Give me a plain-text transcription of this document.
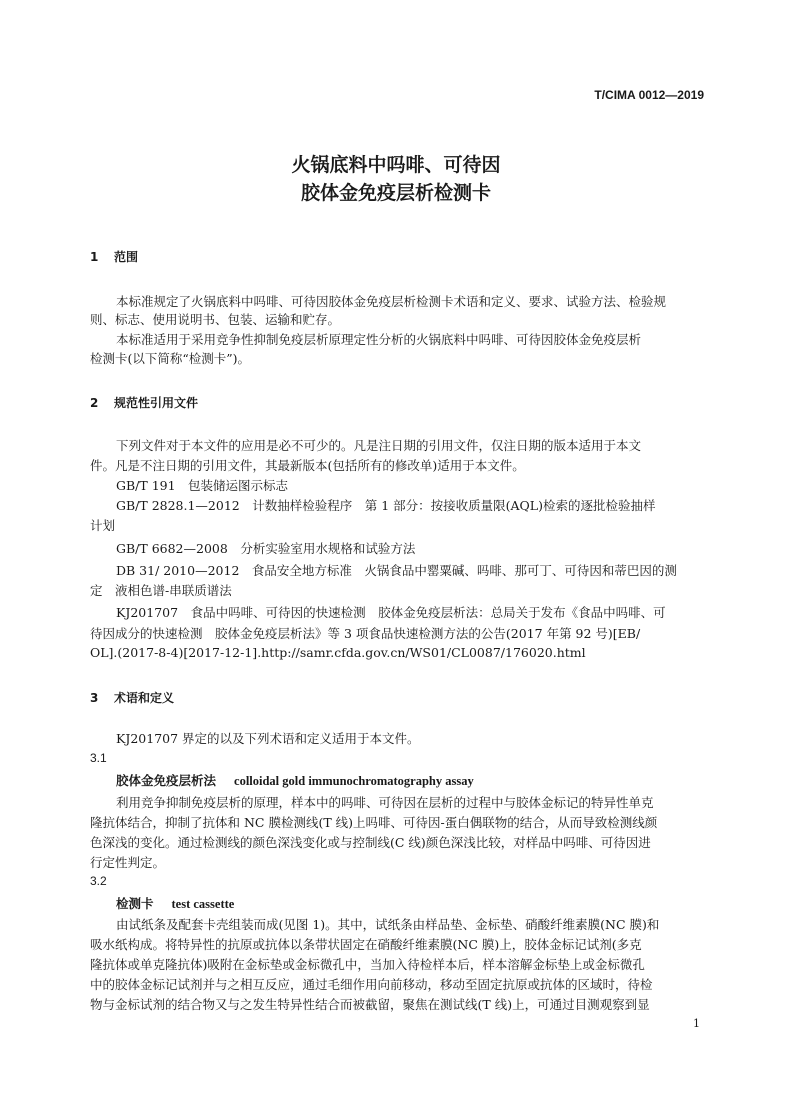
T/CIMA 0012—2019
火锅底料中吗啡、可待因
胶体金免疫层析检测卡
1 范围
本标准规定了火锅底料中吗啡、可待因胶体金免疫层析检测卡术语和定义、要求、试验方法、检验规
则、标志、使用说明书、包装、运输和贮存。
本标准适用于采用竞争性抑制免疫层析原理定性分析的火锅底料中吗啡、可待因胶体金免疫层析
检测卡(以下简称“检测卡”)。
2 规范性引用文件
下列文件对于本文件的应用是必不可少的。凡是注日期的引用文件，仅注日期的版本适用于本文
件。凡是不注日期的引用文件，其最新版本(包括所有的修改单)适用于本文件。
GB/T 191　包装储运图示标志
GB/T 2828.1—2012　计数抽样检验程序　第 1 部分：按接收质量限(AQL)检索的逐批检验抽样
计划
GB/T 6682—2008　分析实验室用水规格和试验方法
DB 31/ 2010—2012　食品安全地方标准　火锅食品中罂粟碱、吗啡、那可丁、可待因和蒂巴因的测
定　液相色谱-串联质谱法
KJ201707　食品中吗啡、可待因的快速检测　胶体金免疫层析法：总局关于发布《食品中吗啡、可
待因成分的快速检测　胶体金免疫层析法》等 3 项食品快速检测方法的公告(2017 年第 92 号)[EB/
OL].(2017-8-4)[2017-12-1].http://samr.cfda.gov.cn/WS01/CL0087/176020.html
3 术语和定义
KJ201707 界定的以及下列术语和定义适用于本文件。
3.1
胶体金免疫层析法 colloidal gold immunochromatography assay
利用竞争抑制免疫层析的原理，样本中的吗啡、可待因在层析的过程中与胶体金标记的特异性单克
隆抗体结合，抑制了抗体和 NC 膜检测线(T 线)上吗啡、可待因-蛋白偶联物的结合，从而导致检测线颜
色深浅的变化。通过检测线的颜色深浅变化或与控制线(C 线)颜色深浅比较，对样品中吗啡、可待因进
行定性判定。
3.2
检测卡 test cassette
由试纸条及配套卡壳组装而成(见图 1)。其中，试纸条由样品垫、金标垫、硝酸纤维素膜(NC 膜)和
吸水纸构成。将特异性的抗原或抗体以条带状固定在硝酸纤维素膜(NC 膜)上，胶体金标记试剂(多克
隆抗体或单克隆抗体)吸附在金标垫或金标微孔中，当加入待检样本后，样本溶解金标垫上或金标微孔
中的胶体金标记试剂并与之相互反应，通过毛细作用向前移动，移动至固定抗原或抗体的区域时，待检
物与金标试剂的结合物又与之发生特异性结合而被截留，聚焦在测试线(T 线)上，可通过目测观察到显
1
